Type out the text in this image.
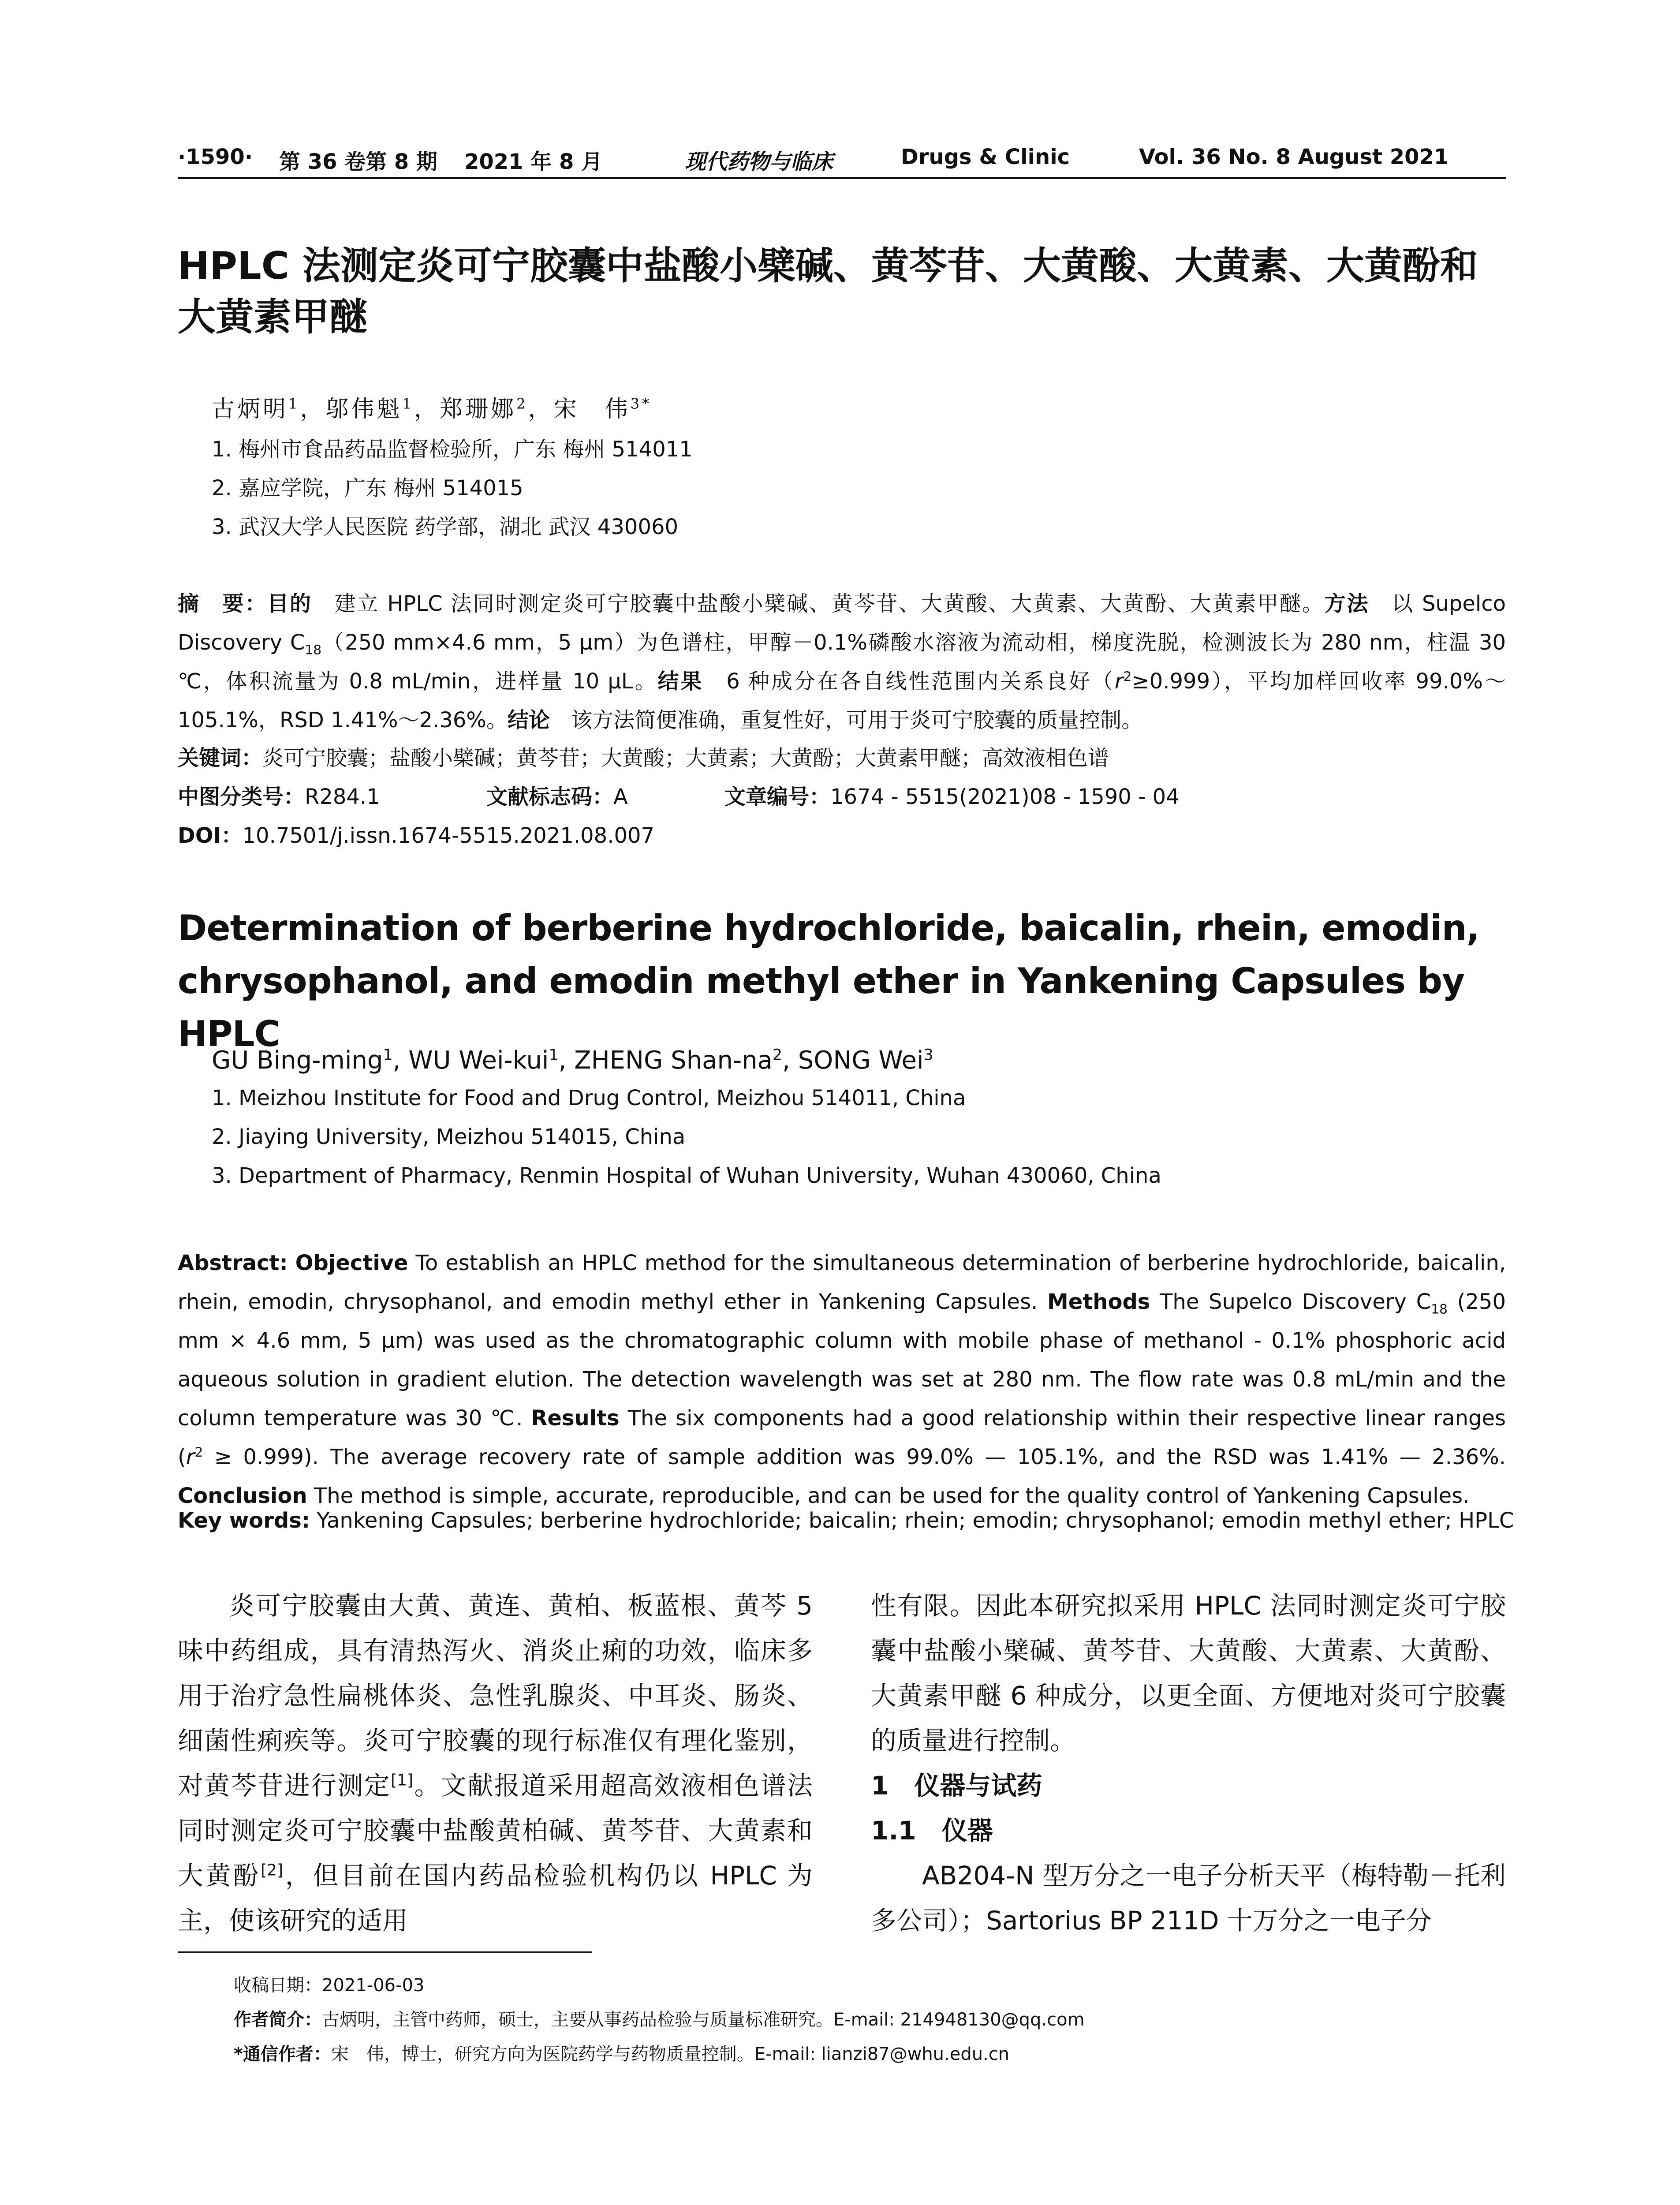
·1590· 第 36 卷第 8 期 2021 年 8 月	现代药物与临床	Drugs & Clinic	Vol. 36 No. 8 August 2021
HPLC 法测定炎可宁胶囊中盐酸小檗碱、黄芩苷、大黄酸、大黄素、大黄酚和大黄素甲醚
古炳明$^1$，邬伟魁$^1$，郑珊娜$^2$，宋　伟$^{3*}$
1. 梅州市食品药品监督检验所，广东 梅州 514011
2. 嘉应学院，广东 梅州 514015
3. 武汉大学人民医院 药学部，湖北 武汉 430060
摘　要：目的　建立 HPLC 法同时测定炎可宁胶囊中盐酸小檗碱、黄芩苷、大黄酸、大黄素、大黄酚、大黄素甲醚。方法　以 Supelco Discovery $C_{18}(250$ mm×4.6 mm，5 μm）为色谱柱，甲醇－0.1%磷酸水溶液为流动相，梯度洗脱，检测波长为 280 nm，柱温 30 ℃，体积流量为 0.8 mL/min，进样量 10 μL。结果　6 种成分在各自线性范围内关系良好$(r^2\ge 0.999)$，平均加样回收率 99.0%～105.1%，RSD 1.41%～2.36%。结论　该方法简便准确，重复性好，可用于炎可宁胶囊的质量控制。
关键词：炎可宁胶囊；盐酸小檗碱；黄芩苷；大黄酸；大黄素；大黄酚；大黄素甲醚；高效液相色谱
中图分类号：R284.1	文献标志码：A	文章编号：1674 - 5515(2021)08 - 1590 - 04
DOI：10.7501/j.issn.1674-5515.2021.08.007
Determination of berberine hydrochloride, baicalin, rhein, emodin, chrysophanol, and emodin methyl ether in Yankening Capsules by HPLC
GU Bing-ming$^1$, WU Wei-kui$^1$, ZHENG Shan-$na^2$, SONG Wei$^3$
1. Meizhou Institute for Food and Drug Control, Meizhou 514011, China
2. Jiaying University, Meizhou 514015, China
3. Department of Pharmacy, Renmin Hospital of Wuhan University, Wuhan 430060, China
Abstract: Objective To establish an HPLC method for the simultaneous determination of berberine hydrochloride, baicalin, rhein, emodin, chrysophanol, and emodin methyl ether in Yankening Capsules. Methods The Supelco Discovery $C_{18}$ (250 mm × 4.6 mm, 5 μm) was used as the chromatographic column with mobile phase of methanol - 0.1% phosphoric acid aqueous solution in gradient elution. The detection wavelength was set at 280 nm. The flow rate was 0.8 mL/min and the column temperature was 30 ℃. Results The six components had a good relationship within their respective linear ranges $(r^2 \ge 0.999)$. The average recovery rate of sample addition was 99.0% — 105.1%, and the RSD was 1.41% — 2.36%. Conclusion The method is simple, accurate, reproducible, and can be used for the quality control of Yankening Capsules.
Key words: Yankening Capsules; berberine hydrochloride; baicalin; rhein; emodin; chrysophanol; emodin methyl ether; HPLC

炎可宁胶囊由大黄、黄连、黄柏、板蓝根、黄芩 5 味中药组成，具有清热泻火、消炎止痢的功效，临床多用于治疗急性扁桃体炎、急性乳腺炎、中耳炎、肠炎、细菌性痢疾等。炎可宁胶囊的现行标准仅有理化鉴别，对黄芩苷进行测定[1]。文献报道采用超高效液相色谱法同时测定炎可宁胶囊中盐酸黄柏碱、黄芩苷、大黄素和大黄酚[2]，但目前在国内药品检验机构仍以 HPLC 为主，使该研究的适用

性有限。因此本研究拟采用 HPLC 法同时测定炎可宁胶囊中盐酸小檗碱、黄芩苷、大黄酸、大黄素、大黄酚、大黄素甲醚 6 种成分，以更全面、方便地对炎可宁胶囊的质量进行控制。

1　仪器与试药

1.1　仪器

AB204-N 型万分之一电子分析天平（梅特勒－托利多公司）；Sartorius BP 211D 十万分之一电子分

收稿日期：2021-06-03
作者简介：古炳明，主管中药师，硕士，主要从事药品检验与质量标准研究。E-mail: 214948130@qq.com
*通信作者：宋　伟，博士，研究方向为医院药学与药物质量控制。E-mail: lianzi87@whu.edu.cn
